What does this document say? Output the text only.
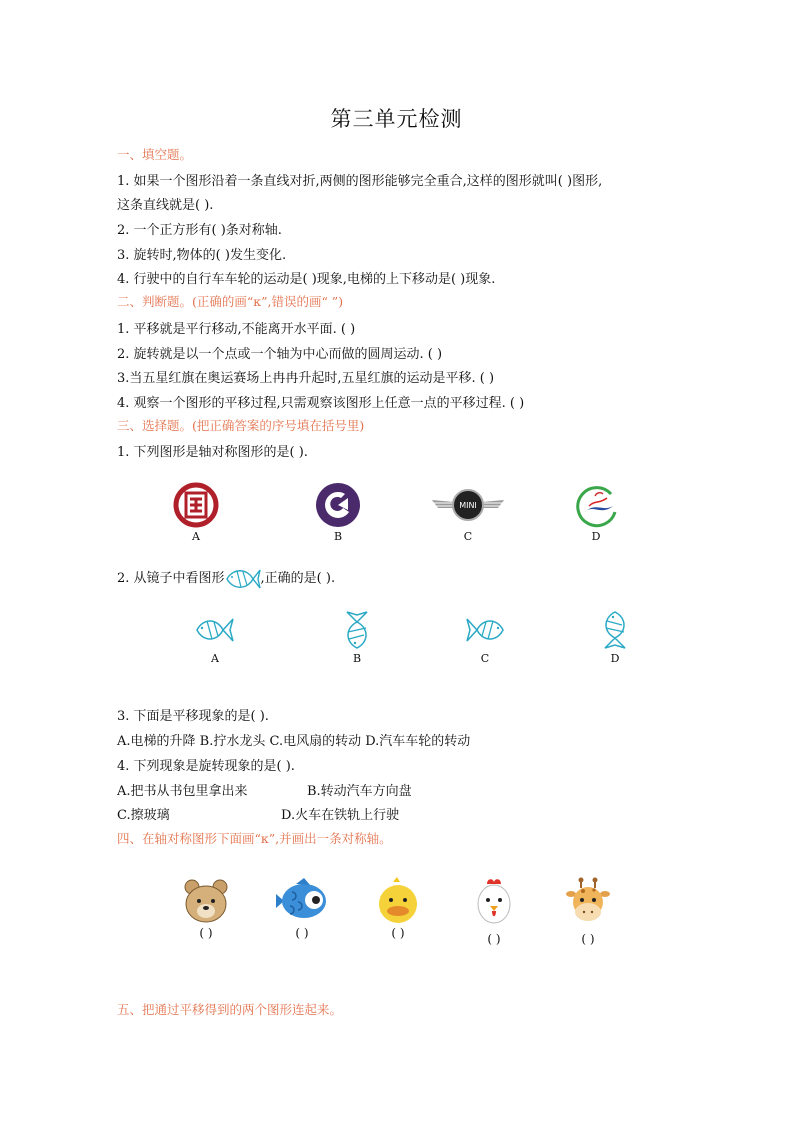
第三单元检测
一、填空题。
1. 如果一个图形沿着一条直线对折,两侧的图形能够完全重合,这样的图形就叫( )图形,
这条直线就是( ).
2. 一个正方形有( )条对称轴.
3. 旋转时,物体的( )发生变化.
4. 行驶中的自行车车轮的运动是( )现象,电梯的上下移动是( )现象.
二、判断题。(正确的画“κ”,错误的画“ ”)
1. 平移就是平行移动,不能离开水平面. ( )
2. 旋转就是以一个点或一个轴为中心而做的圆周运动. ( )
3.当五星红旗在奥运赛场上冉冉升起时,五星红旗的运动是平移. ( )
4. 观察一个图形的平移过程,只需观察该图形上任意一点的平移过程. ( )
三、选择题。(把正确答案的序号填在括号里)
1. 下列图形是轴对称图形的是( ).
A	B
MINI
C	D
2. 从镜子中看图形	,正确的是( ).
A	B	C	D
3. 下面是平移现象的是( ).
A.电梯的升降 B.拧水龙头 C.电风扇的转动 D.汽车车轮的转动
4. 下列现象是旋转现象的是( ).
A.把书从书包里拿出来	B.转动汽车方向盘
C.擦玻璃	D.火车在铁轨上行驶
四、在轴对称图形下面画“κ”,并画出一条对称轴。
( )	( )	( )	( )	( )
五、把通过平移得到的两个图形连起来。
